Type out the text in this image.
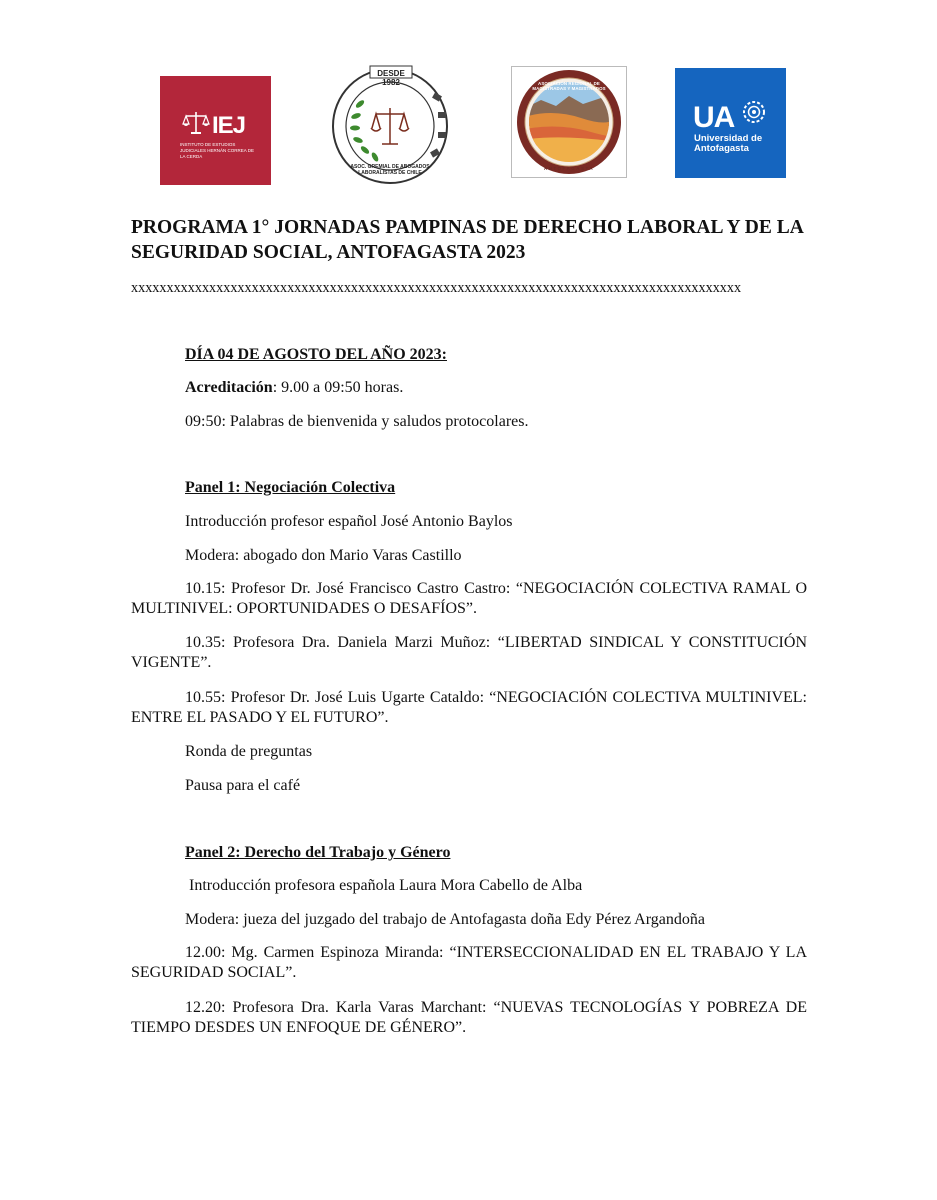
IEJ
INSTITUTO DE ESTUDIOS JUDICIALES HERNÁN CORREA DE LA CERDA
DESDE 1982
ASOC. GREMIAL DE ABOGADOS LABORALISTAS DE CHILE
ASOCIACIÓN REGIONAL DE MAGISTRADAS Y MAGISTRADOS
ANTOFAGASTA
UA
Universidad de Antofagasta
PROGRAMA 1° JORNADAS PAMPINAS DE DERECHO LABORAL Y DE LA SEGURIDAD SOCIAL, ANTOFAGASTA 2023
xxxxxxxxxxxxxxxxxxxxxxxxxxxxxxxxxxxxxxxxxxxxxxxxxxxxxxxxxxxxxxxxxxxxxxxxxxxxxxxxxxxxxx

DÍA 04 DE AGOSTO DEL AÑO 2023:

Acreditación: 9.00 a 09:50 horas.

09:50: Palabras de bienvenida y saludos protocolares.

Panel 1: Negociación Colectiva

Introducción profesor español José Antonio Baylos

Modera: abogado don Mario Varas Castillo

10.15: Profesor Dr. José Francisco Castro Castro: “NEGOCIACIÓN COLECTIVA RAMAL O MULTINIVEL: OPORTUNIDADES O DESAFÍOS”.

10.35: Profesora Dra. Daniela Marzi Muñoz: “LIBERTAD SINDICAL Y CONSTITUCIÓN VIGENTE”.

10.55: Profesor Dr. José Luis Ugarte Cataldo: “NEGOCIACIÓN COLECTIVA MULTINIVEL: ENTRE EL PASADO Y EL FUTURO”.

Ronda de preguntas

Pausa para el café

Panel 2: Derecho del Trabajo y Género

Introducción profesora española Laura Mora Cabello de Alba

Modera: jueza del juzgado del trabajo de Antofagasta doña Edy Pérez Argandoña

12.00: Mg. Carmen Espinoza Miranda: “INTERSECCIONALIDAD EN EL TRABAJO Y LA SEGURIDAD SOCIAL”.

12.20: Profesora Dra. Karla Varas Marchant: “NUEVAS TECNOLOGÍAS Y POBREZA DE TIEMPO DESDES UN ENFOQUE DE GÉNERO”.
